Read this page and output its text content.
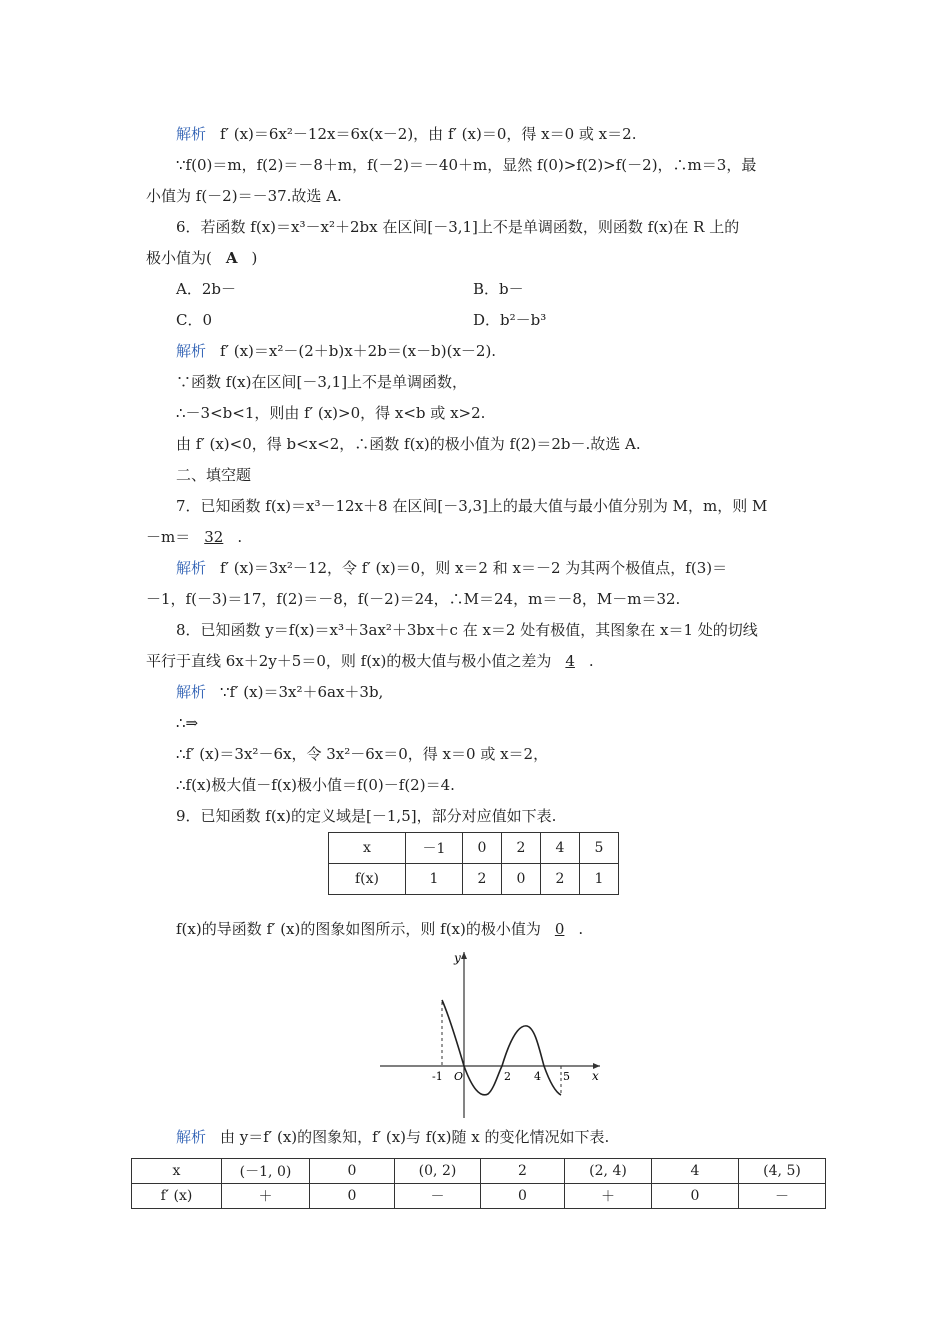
解析 f′ (x)＝6x²－12x＝6x(x－2)，由 f′ (x)＝0，得 x＝0 或 x＝2.
∵f(0)＝m，f(2)＝－8＋m，f(－2)＝－40＋m，显然 f(0)>f(2)>f(－2)，∴m＝3，最
小值为 f(－2)＝－37.故选 A.
6．若函数 f(x)＝x³－x²＋2bx 在区间[－3,1]上不是单调函数，则函数 f(x)在 R 上的
极小值为( A )
A．2b－	B．b－
C．0	D．b²－b³
解析 f′ (x)＝x²－(2＋b)x＋2b＝(x－b)(x－2).
∵函数 f(x)在区间[－3,1]上不是单调函数，
∴－3<b<1，则由 f′ (x)>0，得 x<b 或 x>2.
由 f′ (x)<0，得 b<x<2，∴函数 f(x)的极小值为 f(2)＝2b－.故选 A.
二、填空题
7．已知函数 f(x)＝x³－12x＋8 在区间[－3,3]上的最大值与最小值分别为 M，m，则 M
－m＝ 32 .
解析 f′ (x)＝3x²－12，令 f′ (x)＝0，则 x＝2 和 x＝－2 为其两个极值点，f(3)＝
－1，f(－3)＝17，f(2)＝－8，f(－2)＝24，∴M＝24，m＝－8，M－m＝32.
8．已知函数 y＝f(x)＝x³＋3ax²＋3bx＋c 在 x＝2 处有极值，其图象在 x＝1 处的切线
平行于直线 6x＋2y＋5＝0，则 f(x)的极大值与极小值之差为 4 .
解析 ∵f′ (x)＝3x²＋6ax＋3b,
∴⇒
∴f′ (x)＝3x²－6x，令 3x²－6x＝0，得 x＝0 或 x＝2，
∴f(x)极大值－f(x)极小值＝f(0)－f(2)＝4.
9．已知函数 f(x)的定义域是[－1,5]，部分对应值如下表.
x	－1	0	2	4	5
f(x)	1	2	0	2	1
f(x)的导函数 f′ (x)的图象如图所示，则 f(x)的极小值为 0 .
y
x
-1 O	2 4 5
解析 由 y＝f′ (x)的图象知，f′ (x)与 f(x)随 x 的变化情况如下表.
x	(－1, 0)	0	(0, 2)	2	(2, 4)	4	(4, 5)
f′ (x)	＋	0	－	0	＋	0	－
